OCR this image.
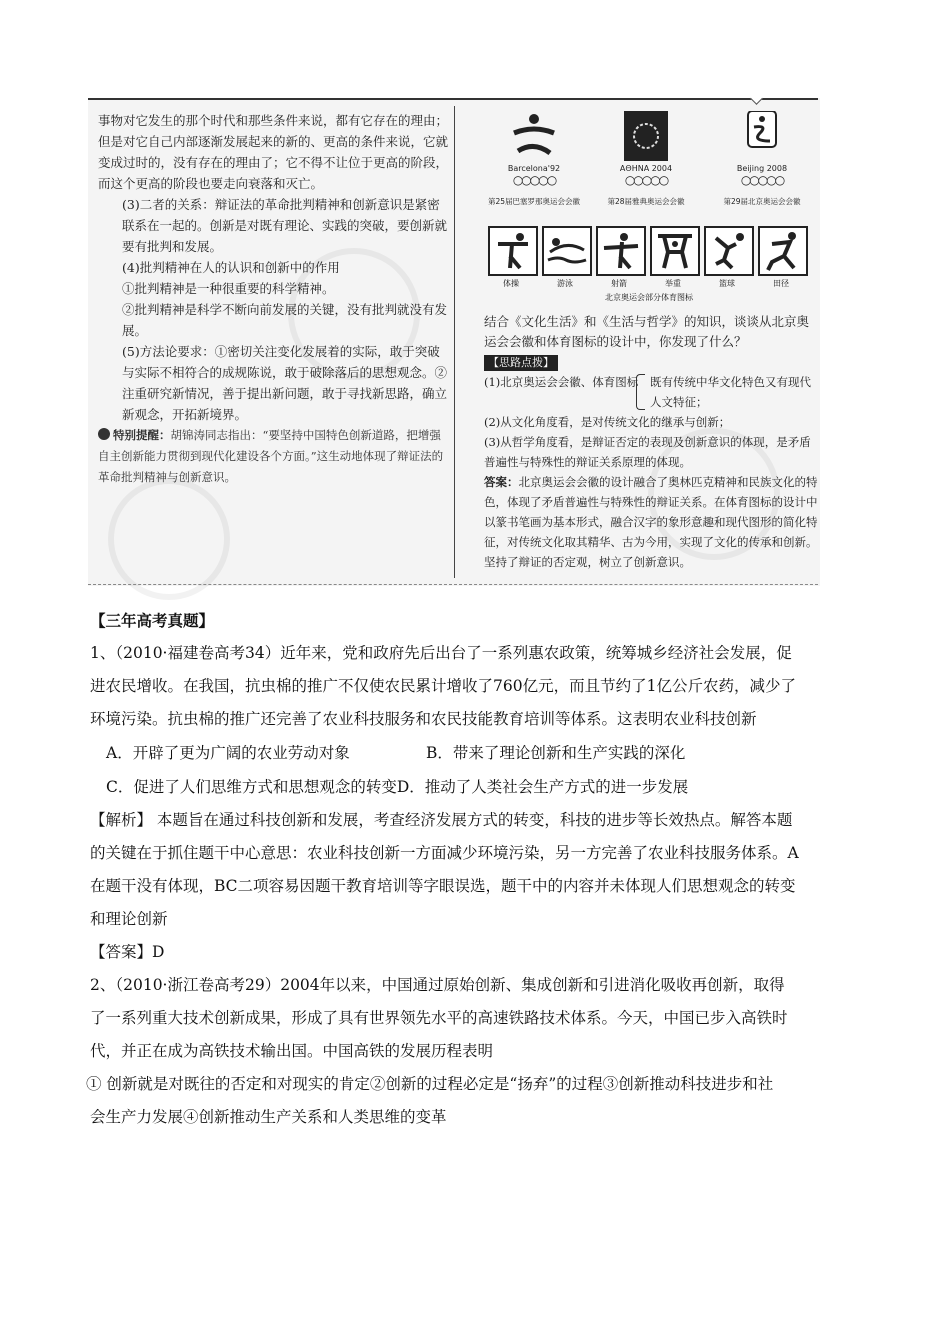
事物对它发生的那个时代和那些条件来说，都有它存在的理由；但是对它自己内部逐渐发展起来的新的、更高的条件来说，它就变成过时的，没有存在的理由了；它不得不让位于更高的阶段，而这个更高的阶段也要走向衰落和灭亡。

(3)二者的关系：辩证法的革命批判精神和创新意识是紧密联系在一起的。创新是对既有理论、实践的突破，要创新就要有批判和发展。

(4)批判精神在人的认识和创新中的作用

①批判精神是一种很重要的科学精神。

②批判精神是科学不断向前发展的关键，没有批判就没有发展。

(5)方法论要求：①密切关注变化发展着的实际，敢于突破与实际不相符合的成规陈说，敢于破除落后的思想观念。②注重研究新情况，善于提出新问题，敢于寻找新思路，确立新观念，开拓新境界。

特别提醒：胡锦涛同志指出：“要坚持中国特色创新道路，把增强自主创新能力贯彻到现代化建设各个方面。”这生动地体现了辩证法的革命批判精神与创新意识。

Barcelona'92
○○○○○
ΑΘΗΝΑ 2004
○○○○○
Beijing 2008
○○○○○
第25届巴塞罗那奥运会会徽	第28届雅典奥运会会徽	第29届北京奥运会会徽
体操	游泳	射箭	举重	篮球	田径
北京奥运会部分体育图标

结合《文化生活》和《生活与哲学》的知识，谈谈从北京奥运会会徽和体育图标的设计中，你发现了什么？

【思路点拨】

(1)北京奥运会会徽、体育图标 既有传统中华文化特色又有现代人文特征；

(2)从文化角度看，是对传统文化的继承与创新；

(3)从哲学角度看，是辩证否定的表现及创新意识的体现，是矛盾普遍性与特殊性的辩证关系原理的体现。

答案：北京奥运会会徽的设计融合了奥林匹克精神和民族文化的特色，体现了矛盾普遍性与特殊性的辩证关系。在体育图标的设计中以篆书笔画为基本形式，融合汉字的象形意趣和现代图形的简化特征，对传统文化取其精华、古为今用，实现了文化的传承和创新。坚持了辩证的否定观，树立了创新意识。

【三年高考真题】

1、（2010·福建卷高考34）近年来，党和政府先后出台了一系列惠农政策，统筹城乡经济社会发展，促

进农民增收。在我国，抗虫棉的推广不仅使农民累计增收了760亿元，而且节约了1亿公斤农药，减少了

环境污染。抗虫棉的推广还完善了农业科技服务和农民技能教育培训等体系。这表明农业科技创新

A．开辟了更为广阔的农业劳动对象	B．带来了理论创新和生产实践的深化

C．促进了人们思维方式和思想观念的转变D．推动了人类社会生产方式的进一步发展

【解析】 本题旨在通过科技创新和发展，考查经济发展方式的转变，科技的进步等长效热点。解答本题

的关键在于抓住题干中心意思：农业科技创新一方面减少环境污染，另一方完善了农业科技服务体系。A

在题干没有体现，BC二项容易因题干教育培训等字眼误选，题干中的内容并未体现人们思想观念的转变

和理论创新

【答案】D

2、（2010·浙江卷高考29）2004年以来，中国通过原始创新、集成创新和引进消化吸收再创新，取得

了一系列重大技术创新成果，形成了具有世界领先水平的高速铁路技术体系。今天，中国已步入高铁时

代，并正在成为高铁技术输出国。中国高铁的发展历程表明

① 创新就是对既往的否定和对现实的肯定②创新的过程必定是“扬弃”的过程③创新推动科技进步和社

会生产力发展④创新推动生产关系和人类思维的变革
